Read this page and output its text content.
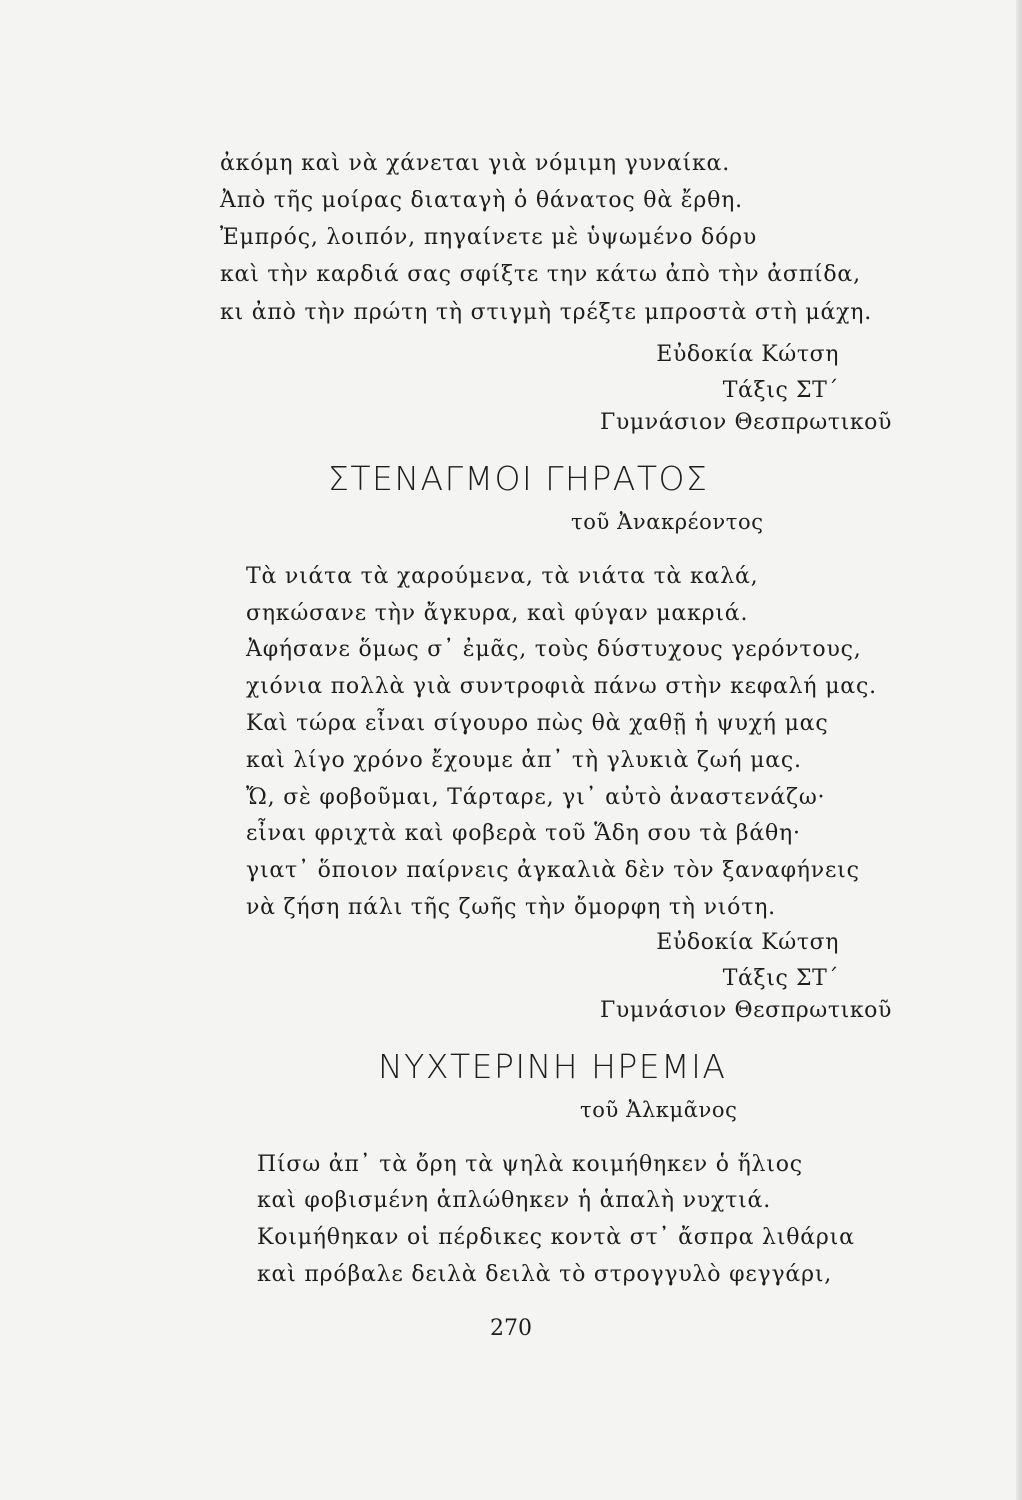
ἀκόμη καὶ νὰ χάνεται γιὰ νόμιμη γυναίκα.
Ἀπὸ τῆς μοίρας διαταγὴ ὁ θάνατος θὰ ἔρθη.
Ἐμπρός, λοιπόν, πηγαίνετε μὲ ὑψωμένο δόρυ
καὶ τὴν καρδιά σας σφίξτε την κάτω ἀπὸ τὴν ἀσπίδα,
κι ἀπὸ τὴν πρώτη τὴ στιγμὴ τρέξτε μπροστὰ στὴ μάχη.
Εὐδοκία Κώτση
Τάξις ΣΤ΄
Γυμνάσιον Θεσπρωτικοῦ
ΣΤΕΝΑΓΜΟΙ ΓΗΡΑΤΟΣ
τοῦ Ἀνακρέοντος
Τὰ νιάτα τὰ χαρούμενα, τὰ νιάτα τὰ καλά,
σηκώσανε τὴν ἄγκυρα, καὶ φύγαν μακριά.
Ἀφήσανε ὅμως σ᾽ ἐμᾶς, τοὺς δύστυχους γερόντους,
χιόνια πολλὰ γιὰ συντροφιὰ πάνω στὴν κεφαλή μας.
Καὶ τώρα εἶναι σίγουρο πὼς θὰ χαθῇ ἡ ψυχή μας
καὶ λίγο χρόνο ἔχουμε ἀπ᾽ τὴ γλυκιὰ ζωή μας.
Ὤ, σὲ φοβοῦμαι, Τάρταρε, γι᾽ αὐτὸ ἀναστενάζω·
εἶναι φριχτὰ καὶ φοβερὰ τοῦ Ἅδη σου τὰ βάθη·
γιατ᾽ ὅποιον παίρνεις ἀγκαλιὰ δὲν τὸν ξαναφήνεις
νὰ ζήση πάλι τῆς ζωῆς τὴν ὄμορφη τὴ νιότη.
Εὐδοκία Κώτση
Τάξις ΣΤ΄
Γυμνάσιον Θεσπρωτικοῦ
ΝΥΧΤΕΡΙΝΗ ΗΡΕΜΙΑ
τοῦ Ἀλκμᾶνος
Πίσω ἀπ᾽ τὰ ὄρη τὰ ψηλὰ κοιμήθηκεν ὁ ἥλιος
καὶ φοβισμένη ἁπλώθηκεν ἡ ἁπαλὴ νυχτιά.
Κοιμήθηκαν οἱ πέρδικες κοντὰ στ᾽ ἄσπρα λιθάρια
καὶ πρόβαλε δειλὰ δειλὰ τὸ στρογγυλὸ φεγγάρι,
270
